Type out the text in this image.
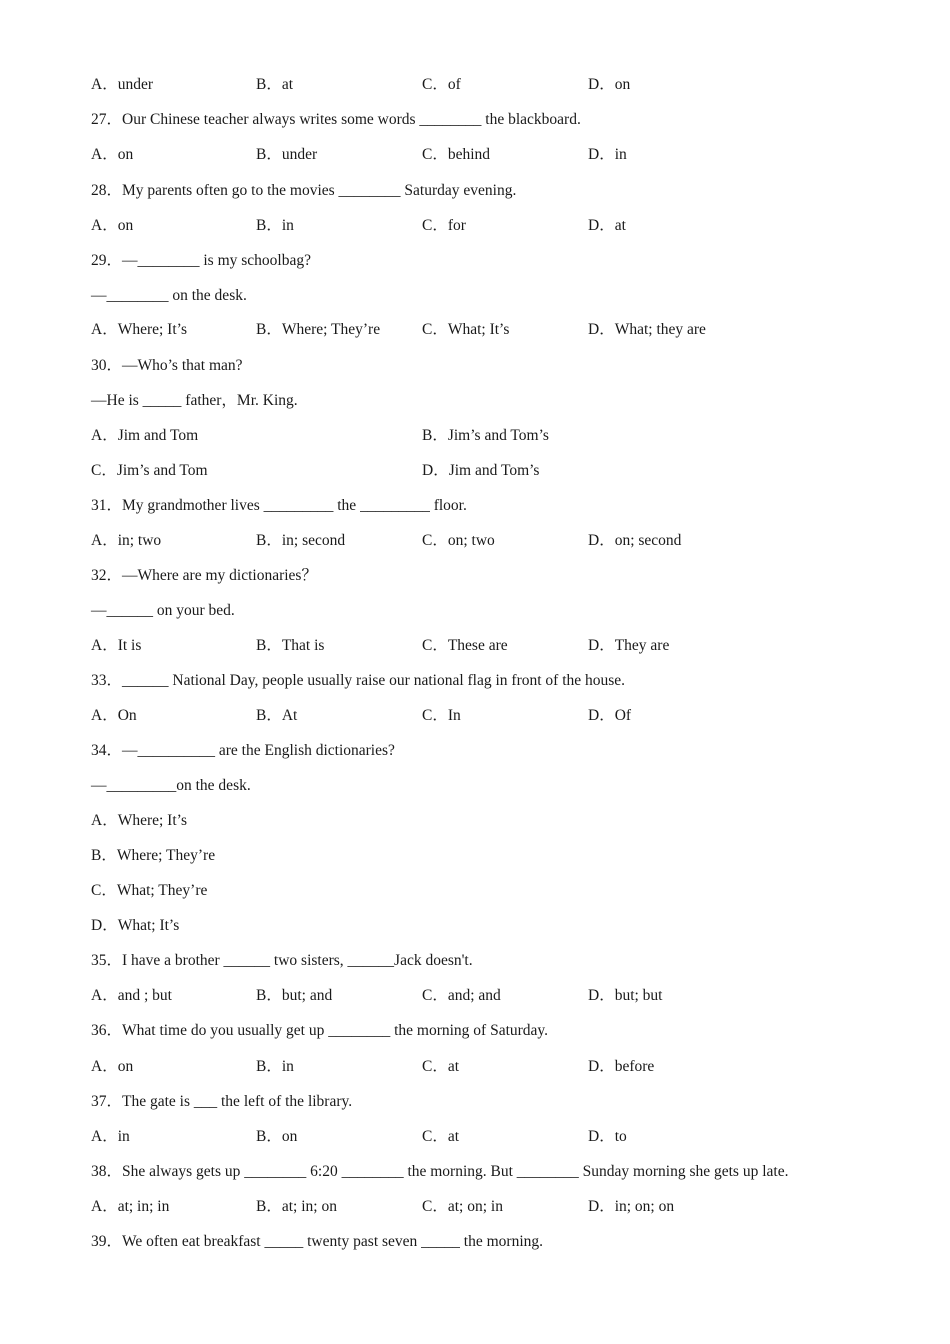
A．under	B．at	C．of	D．on
27．Our Chinese teacher always writes some words ________ the blackboard.
A．on	B．under	C．behind	D．in
28．My parents often go to the movies ________ Saturday evening.
A．on	B．in	C．for	D．at
29．—________ is my schoolbag?
—________ on the desk.
A．Where; It’s	B．Where; They’re	C．What; It’s	D．What; they are
30．—Who’s that man?
—He is _____ father，Mr. King.
A．Jim and Tom	B．Jim’s and Tom’s
C．Jim’s and Tom	D．Jim and Tom’s
31．My grandmother lives _________ the _________ floor.
A．in; two	B．in; second	C．on; two	D．on; second
32．—Where are my dictionaries？
—______ on your bed.
A．It is	B．That is	C．These are	D．They are
33．______ National Day, people usually raise our national flag in front of the house.
A．On	B．At	C．In	D．Of
34．—__________ are the English dictionaries?
—_________on the desk.
A．Where; It’s
B．Where; They’re
C．What; They’re
D．What; It’s
35．I have a brother ______ two sisters, ______Jack doesn't.
A．and ; but	B．but; and	C．and; and	D．but; but
36．What time do you usually get up ________ the morning of Saturday.
A．on	B．in	C．at	D．before
37．The gate is ___ the left of the library.
A．in	B．on	C．at	D．to
38．She always gets up ________ 6:20 ________ the morning. But ________ Sunday morning she gets up late.
A．at; in; in	B．at; in; on	C．at; on; in	D．in; on; on
39．We often eat breakfast _____ twenty past seven _____ the morning.
